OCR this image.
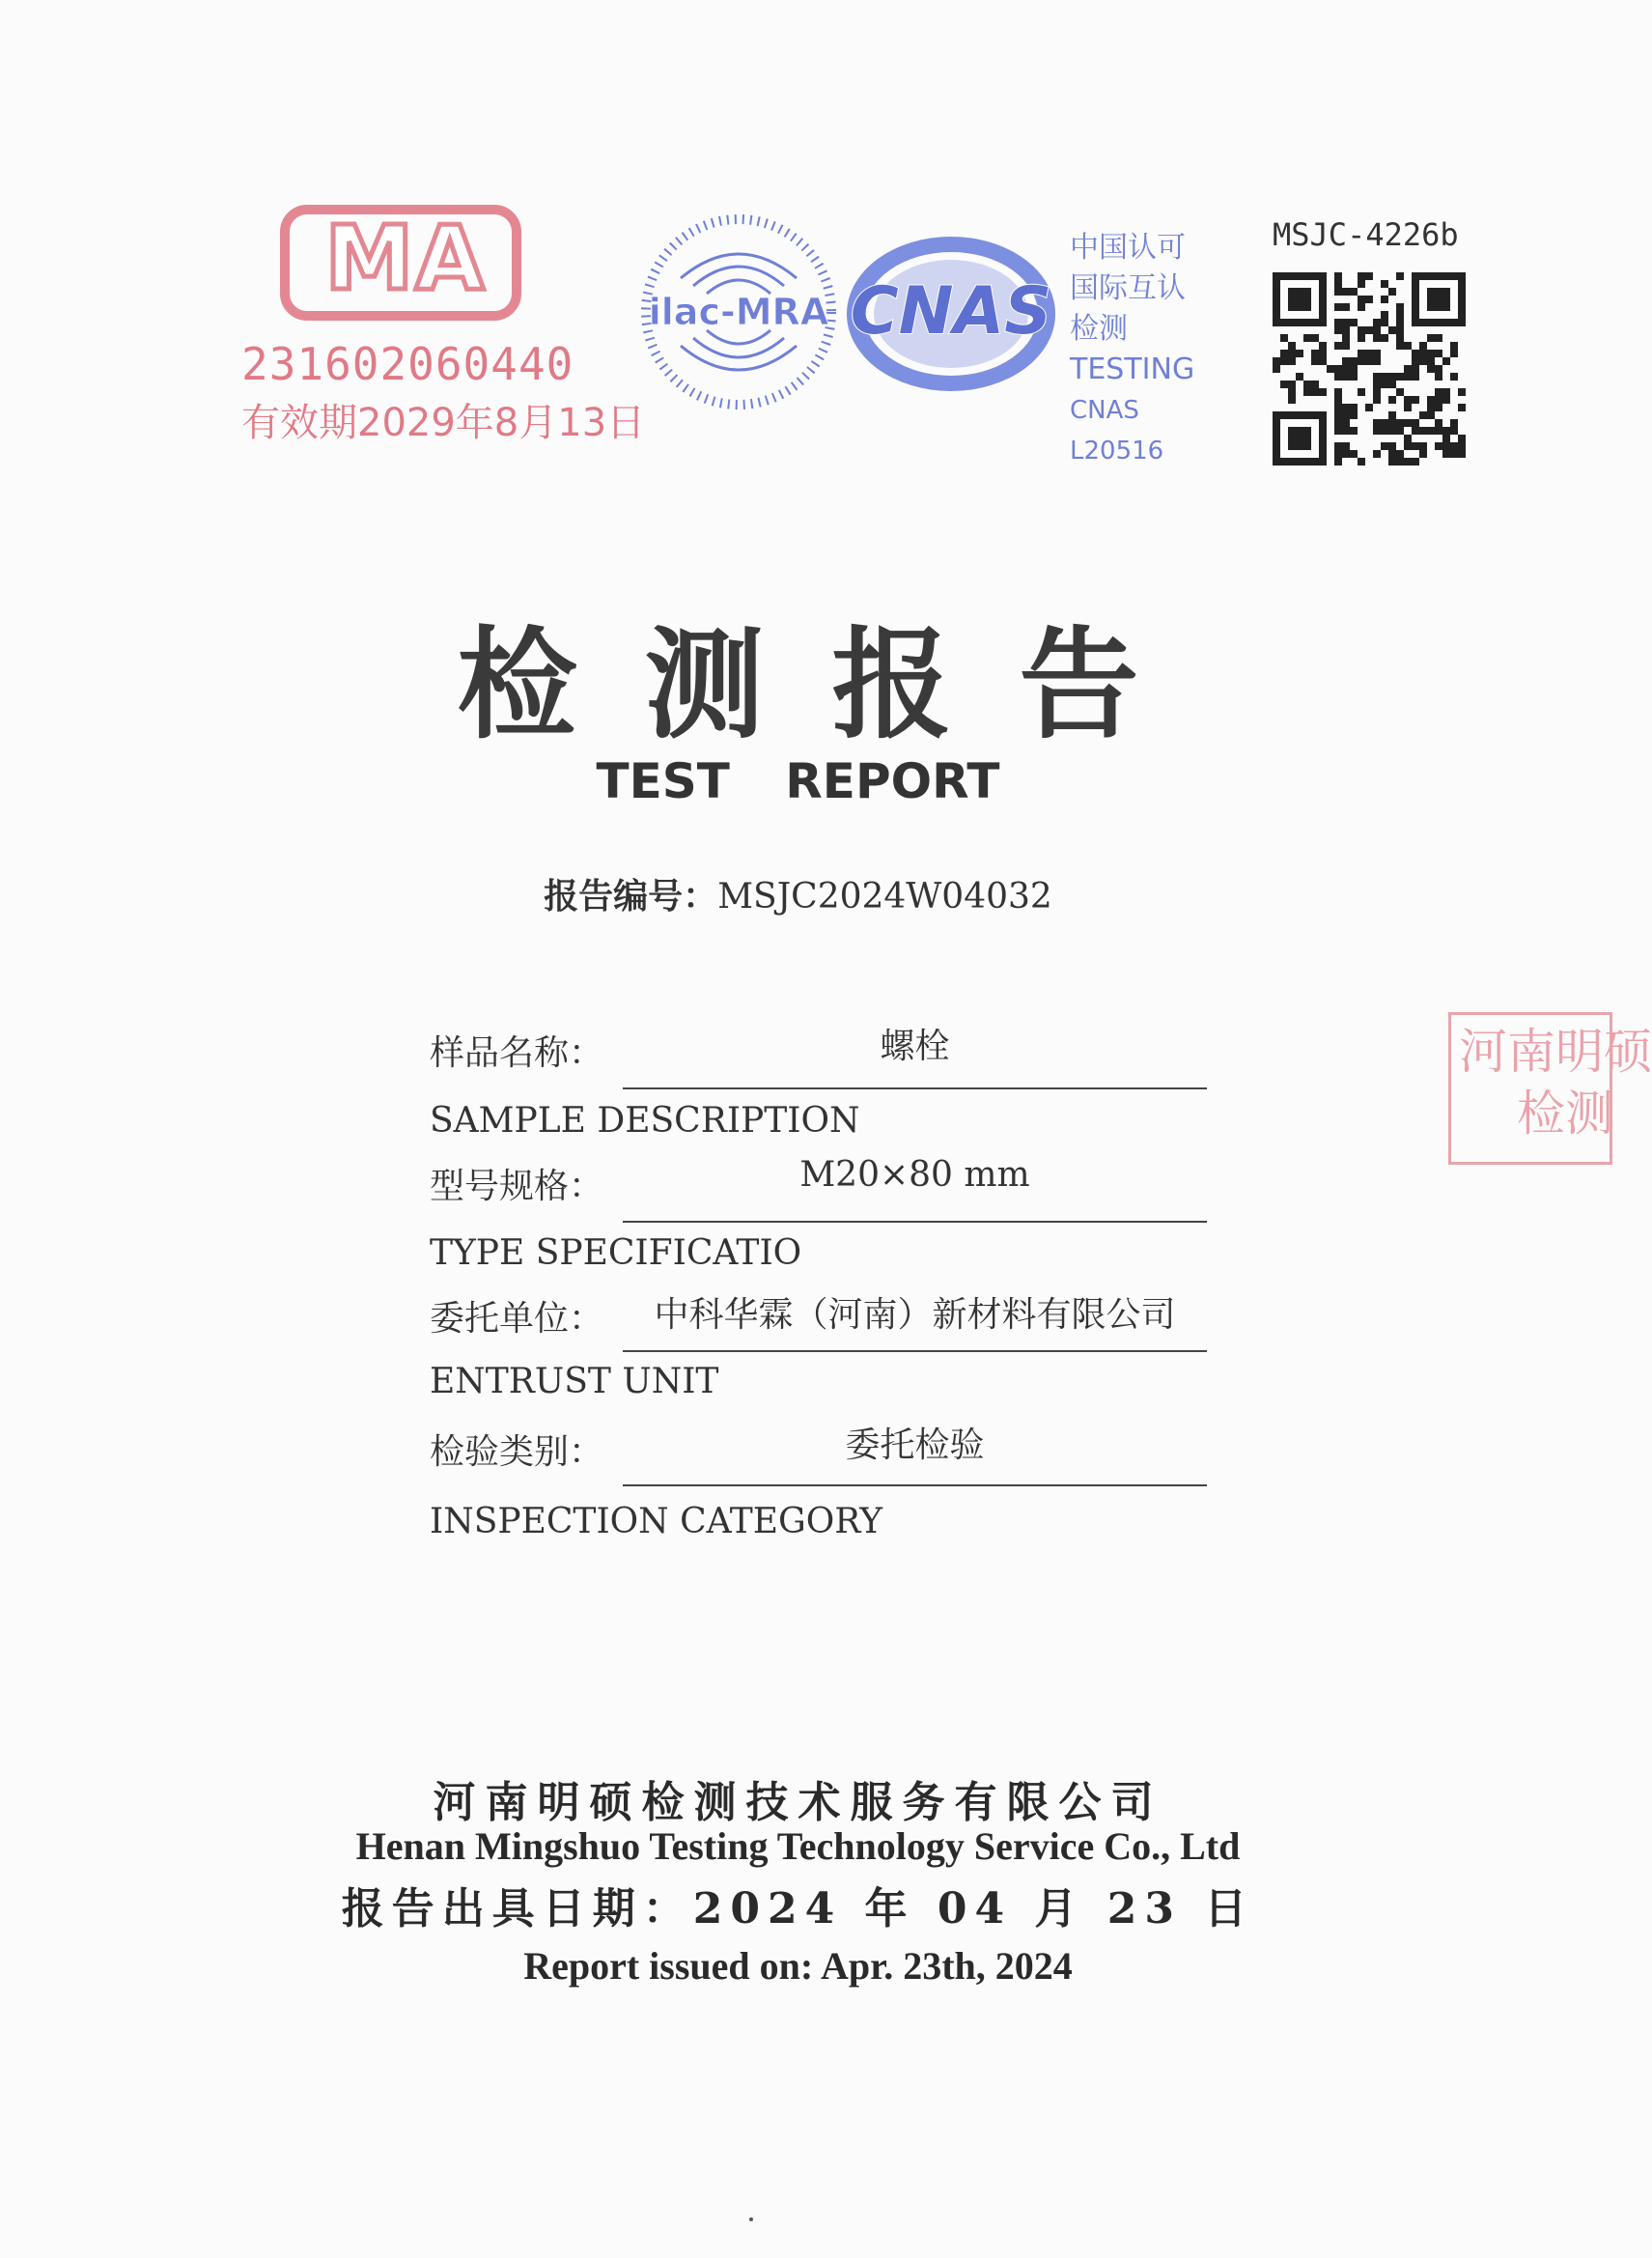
MA
231602060440
有效期2029年8月13日
ilac-MRA CNAS
中国认可
国际互认
检测
TESTING
CNAS L20516
MSJC-4226b
检测报告
TEST REPORT
报告编号：MSJC2024W04032
样品名称：	螺栓
SAMPLE DESCRIPTION
型号规格：	M20×80 mm
TYPE SPECIFICATIO
委托单位：	中科华霖（河南）新材料有限公司
ENTRUST UNIT
检验类别：	委托检验
INSPECTION CATEGORY
河南明硕
检测
河南明硕检测技术服务有限公司
Henan Mingshuo Testing Technology Service Co., Ltd
报告出具日期：2024 年 04 月 23 日
Report issued on: Apr. 23th, 2024
